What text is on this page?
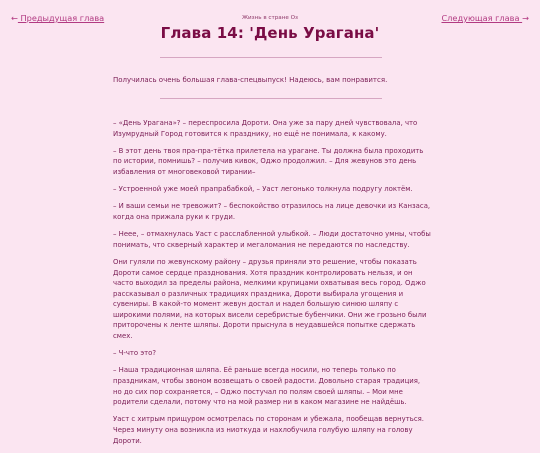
← Предыдущая глава	Следующая глава →
Жизнь в стране Оз
Глава 14: 'День Урагана'
Получилась очень большая глава-спецвыпуск! Надеюсь, вам понравится.

– «День Урагана»? – переспросила Дороти. Она уже за пару дней чувствовала, что Изумрудный Город готовится к празднику, но ещё не понимала, к какому.

– В этот день твоя пра-пра-тётка прилетела на урагане. Ты должна была проходить по истории, помнишь? – получив кивок, Оджо продолжил. – Для жевунов это день избавления от многовековой тирании–

– Устроенной уже моей прапрабабкой, – Уаст легонько толкнула подругу локтём.

– И ваши семьи не тревожит? – беспокойство отразилось на лице девочки из Канзаса, когда она прижала руки к груди.

– Неее, – отмахнулась Уаст с расслабленной улыбкой. – Люди достаточно умны, чтобы понимать, что скверный характер и мегаломания не передаются по наследству.

Они гуляли по жевунскому району – друзья приняли это решение, чтобы показать Дороти самое сердце празднования. Хотя праздник контролировать нельзя, и он часто выходил за пределы района, мелкими крупицами охватывая весь город. Оджо рассказывал о различных традициях праздника, Дороти выбирала угощения и сувениры. В какой-то момент жевун достал и надел большую синюю шляпу с широкими полями, на которых висели серебристые бубенчики. Они же грозьно были приторочены к ленте шляпы. Дороти прыснула в неудавшейся попытке сдержать смех.

– Ч-что это?

– Наша традиционная шляпа. Её раньше всегда носили, но теперь только по праздникам, чтобы звоном возвещать о своей радости. Довольно старая традиция, но до сих пор сохраняется, – Оджо постучал по полям своей шляпы. – Мои мне родители сделали, потому что на мой размер ни в каком магазине не найдёшь.

Уаст с хитрым прищуром осмотрелась по сторонам и убежала, пообещав вернуться. Через минуту она возникла из ниоткуда и нахлобучила голубую шляпу на голову Дороти.
